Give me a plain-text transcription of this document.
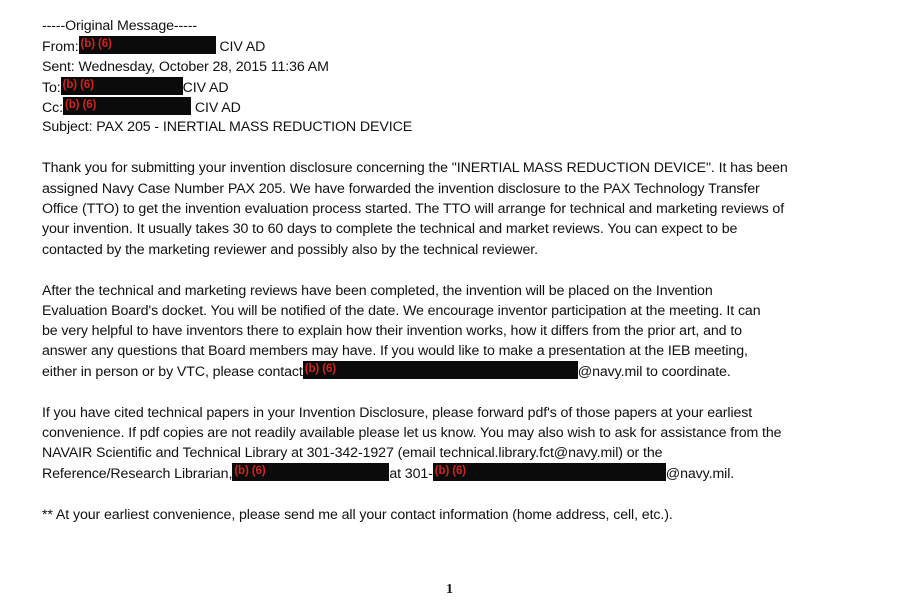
-----Original Message-----
From: (b) (6)	CIV AD
Sent: Wednesday, October 28, 2015 11:36 AM
To: (b) (6)	CIV AD
Cc: (b) (6)	CIV AD
Subject: PAX 205 - INERTIAL MASS REDUCTION DEVICE
Thank you for submitting your invention disclosure concerning the "INERTIAL MASS REDUCTION DEVICE". It has been
assigned Navy Case Number PAX 205. We have forwarded the invention disclosure to the PAX Technology Transfer
Office (TTO) to get the invention evaluation process started. The TTO will arrange for technical and marketing reviews of
your invention. It usually takes 30 to 60 days to complete the technical and market reviews. You can expect to be
contacted by the marketing reviewer and possibly also by the technical reviewer.
After the technical and marketing reviews have been completed, the invention will be placed on the Invention
Evaluation Board's docket. You will be notified of the date. We encourage inventor participation at the meeting. It can
be very helpful to have inventors there to explain how their invention works, how it differs from the prior art, and to
answer any questions that Board members may have. If you would like to make a presentation at the IEB meeting,
either in person or by VTC, please contact (b) (6)	@navy.mil to coordinate.
If you have cited technical papers in your Invention Disclosure, please forward pdf's of those papers at your earliest
convenience. If pdf copies are not readily available please let us know. You may also wish to ask for assistance from the
NAVAIR Scientific and Technical Library at 301-342-1927 (email technical.library.fct@navy.mil) or the
Reference/Research Librarian, (b) (6)	at 301- (b) (6)	@navy.mil.
** At your earliest convenience, please send me all your contact information (home address, cell, etc.).
1
